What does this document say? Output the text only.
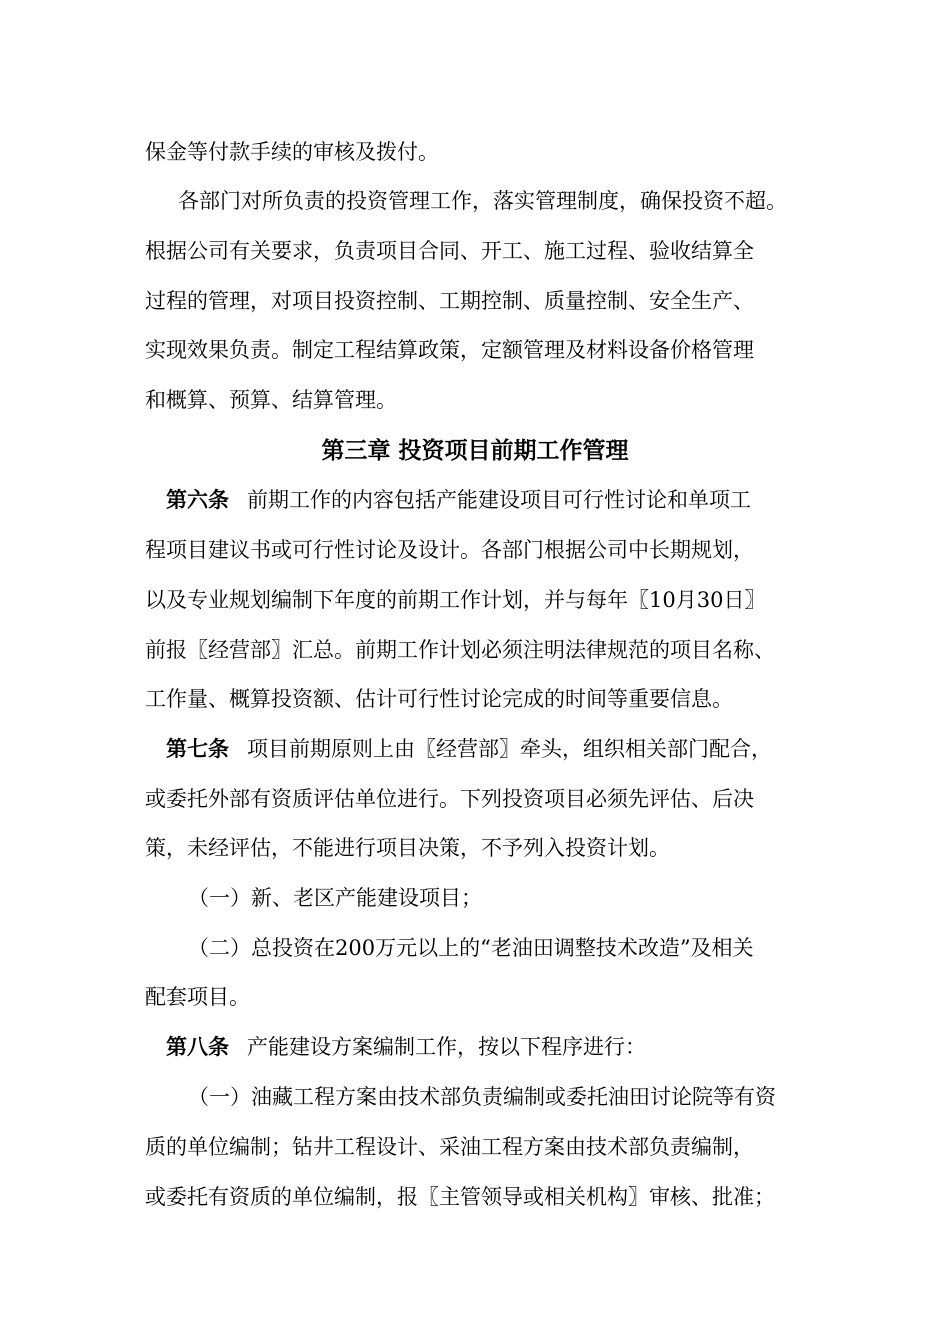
保金等付款手续的审核及拨付。
各部门对所负责的投资管理工作，落实管理制度，确保投资不超。
根据公司有关要求，负责项目合同、开工、施工过程、验收结算全
过程的管理，对项目投资控制、工期控制、质量控制、安全生产、
实现效果负责。制定工程结算政策，定额管理及材料设备价格管理
和概算、预算、结算管理。
第三章 投资项目前期工作管理
第六条 前期工作的内容包括产能建设项目可行性讨论和单项工
程项目建议书或可行性讨论及设计。各部门根据公司中长期规划，
以及专业规划编制下年度的前期工作计划，并与每年〖10月30日〗
前报〖经营部〗汇总。前期工作计划必须注明法律规范的项目名称、
工作量、概算投资额、估计可行性讨论完成的时间等重要信息。
第七条 项目前期原则上由〖经营部〗牵头，组织相关部门配合，
或委托外部有资质评估单位进行。下列投资项目必须先评估、后决
策，未经评估，不能进行项目决策，不予列入投资计划。
（一）新、老区产能建设项目；
（二）总投资在200万元以上的“老油田调整技术改造”及相关
配套项目。
第八条 产能建设方案编制工作，按以下程序进行：
（一）油藏工程方案由技术部负责编制或委托油田讨论院等有资
质的单位编制；钻井工程设计、采油工程方案由技术部负责编制，
或委托有资质的单位编制，报〖主管领导或相关机构〗审核、批准；
